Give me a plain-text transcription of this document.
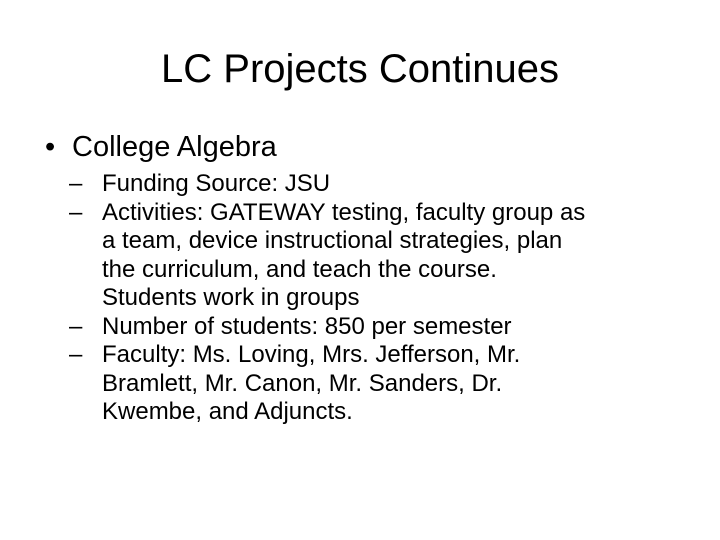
LC Projects Continues
• College Algebra
– Funding Source: JSU
– Activities: GATEWAY testing, faculty group as
a team, device instructional strategies, plan
the curriculum, and teach the course.
Students work in groups
– Number of students: 850 per semester
– Faculty: Ms. Loving, Mrs. Jefferson, Mr.
Bramlett, Mr. Canon, Mr. Sanders, Dr.
Kwembe, and Adjuncts.
